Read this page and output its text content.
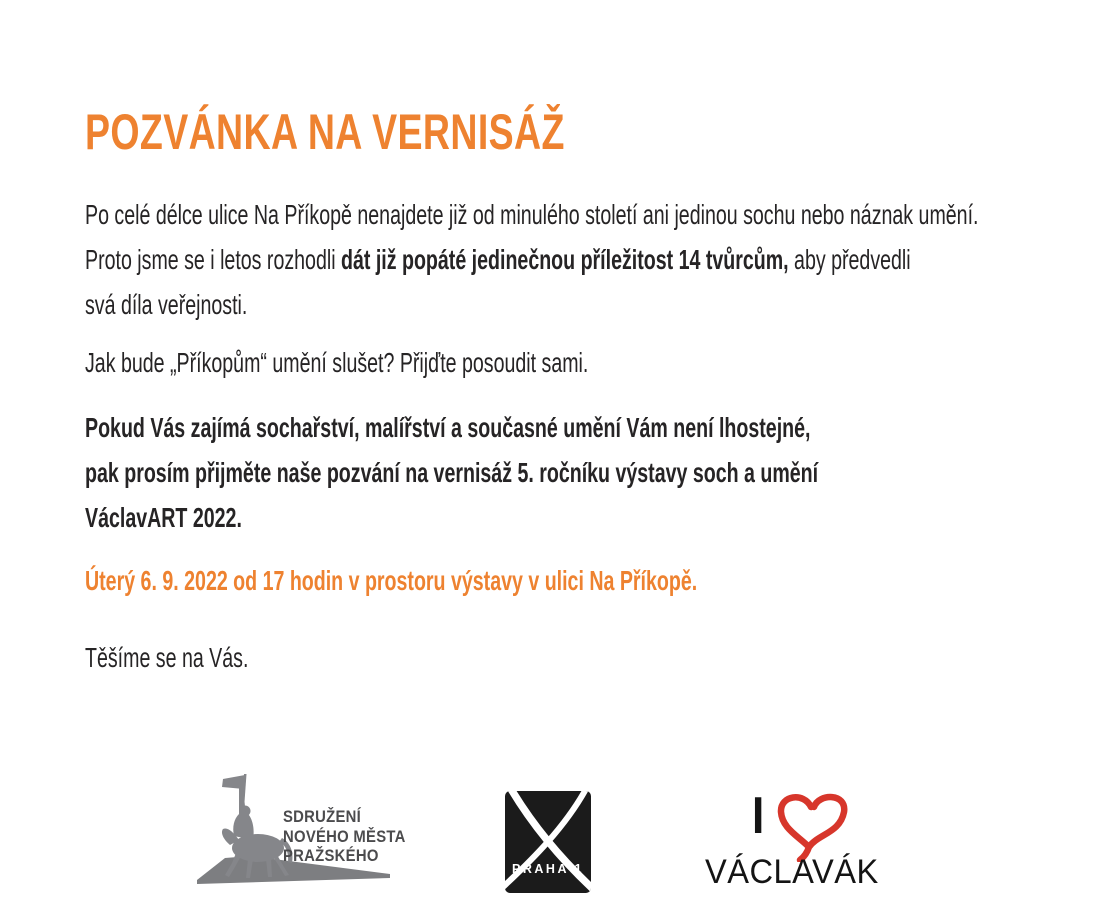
POZVÁNKA NA VERNISÁŽ
Po celé délce ulice Na Příkopě nenajdete již od minulého století ani jedinou sochu nebo náznak umění.
Proto jsme se i letos rozhodli dát již popáté jedinečnou příležitost 14 tvůrcům, aby předvedli
svá díla veřejnosti.
Jak bude „Příkopům“ umění slušet? Přijďte posoudit sami.
Pokud Vás zajímá sochařství, malířství a současné umění Vám není lhostejné,
pak prosím přijměte naše pozvání na vernisáž 5. ročníku výstavy soch a umění
VáclavART 2022.
Úterý 6. 9. 2022 od 17 hodin v prostoru výstavy v ulici Na Příkopě.
Těšíme se na Vás.
SDRUŽENÍ
NOVÉHO MĚSTA
PRAŽSKÉHO
PRAHA 1
I
VÁCLAVÁK
